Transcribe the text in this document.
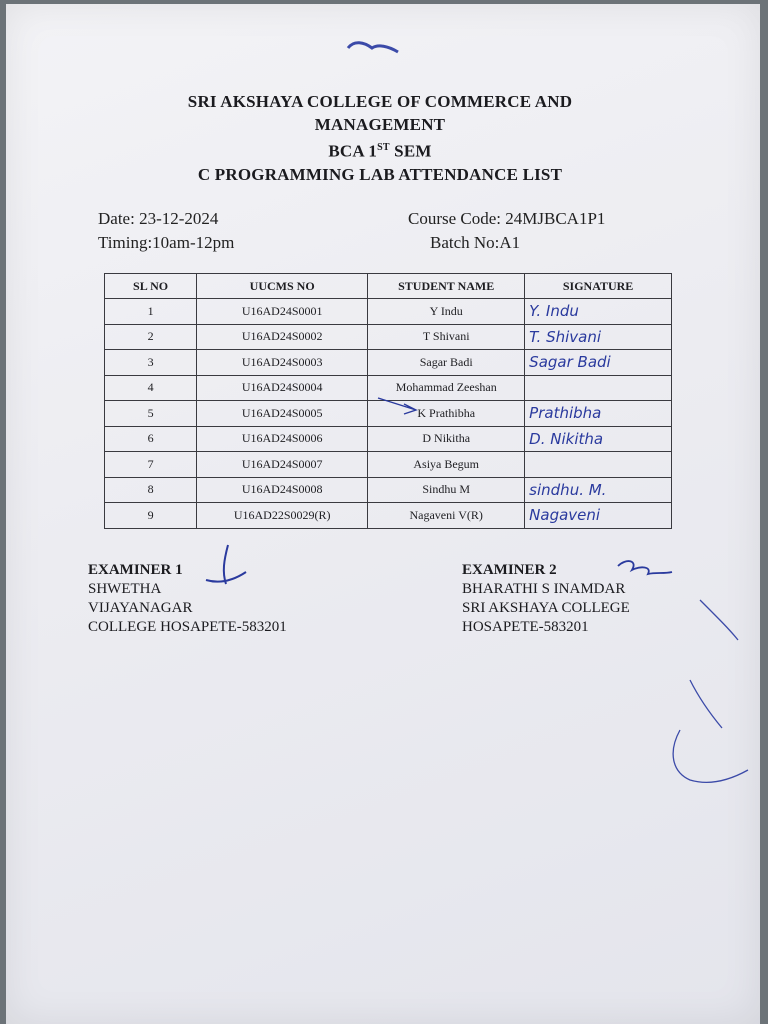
SRI AKSHAYA COLLEGE OF COMMERCE AND
MANAGEMENT
BCA 1ST SEM
C PROGRAMMING LAB ATTENDANCE LIST
Date: 23-12-2024
Timing:10am-12pm
Course Code: 24MJBCA1P1
Batch No:A1
SL NO	UUCMS NO	STUDENT NAME	SIGNATURE
1	U16AD24S0001	Y Indu	Y. Indu
2	U16AD24S0002	T Shivani	T. Shivani
3	U16AD24S0003	Sagar Badi	Sagar Badi
4	U16AD24S0004	Mohammad Zeeshan	
5	U16AD24S0005	K Prathibha	Prathibha
6	U16AD24S0006	D Nikitha	D. Nikitha
7	U16AD24S0007	Asiya Begum	
8	U16AD24S0008	Sindhu M	sindhu. M.
9	U16AD22S0029(R)	Nagaveni V(R)	Nagaveni
EXAMINER 1
SHWETHA
VIJAYANAGAR
COLLEGE HOSAPETE-583201
EXAMINER 2
BHARATHI S INAMDAR
SRI AKSHAYA COLLEGE
HOSAPETE-583201
